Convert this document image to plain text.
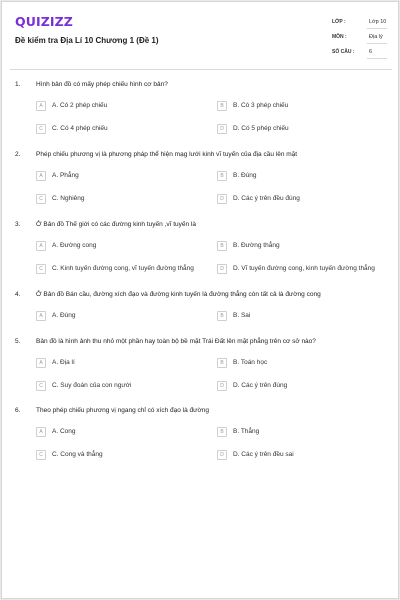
QUIZIZZ
Đề kiểm tra Địa Lí 10 Chương 1 (Đề 1)
LỚP :	Lớp 10
MÔN :	Địa lý
SỐ CÂU :	6
1. Hình bản đồ có mấy phép chiếu hình cơ bản?
A	A. Có 2 phép chiếu	B	B. Có 3 phép chiếu
C	C. Có 4 phép chiếu	D	D. Có 5 phép chiếu
2. Phép chiếu phương vị là phương pháp thể hiện mạg lưới kinh vĩ tuyến của địa cầu lên mặt
A	A. Phẳng	B	B. Đúng
C	C. Nghiêng	D	D. Các ý trên đều đúng
3. Ở Bản đồ Thế giới có các đường kinh tuyến ,vĩ tuyến là
A	A. Đường cong	B	B. Đường thẳng
C	C. Kinh tuyến đường cong, vĩ tuyến đường thẳng	D	D. Vĩ tuyến đường cong, kinh tuyến đường thẳng
4. Ở Bản đồ Bán cầu, đường xích đạo và đường kinh tuyến là đường thẳng còn tất cả là đường cong
A	A. Đúng	B	B. Sai
5. Bản đồ là hình ảnh thu nhỏ một phần hay toàn bộ bề mặt Trái Đất lên mặt phẳng trên cơ sở nào?
A	A. Địa lí	B	B. Toán học
C	C. Suy đoán của con người	D	D. Các ý trên đúng
6. Theo phép chiếu phương vị ngang chỉ có xích đạo là đường
A	A. Cong	B	B. Thẳng
C	C. Cong và thẳng	D	D. Các ý trên đều sai
